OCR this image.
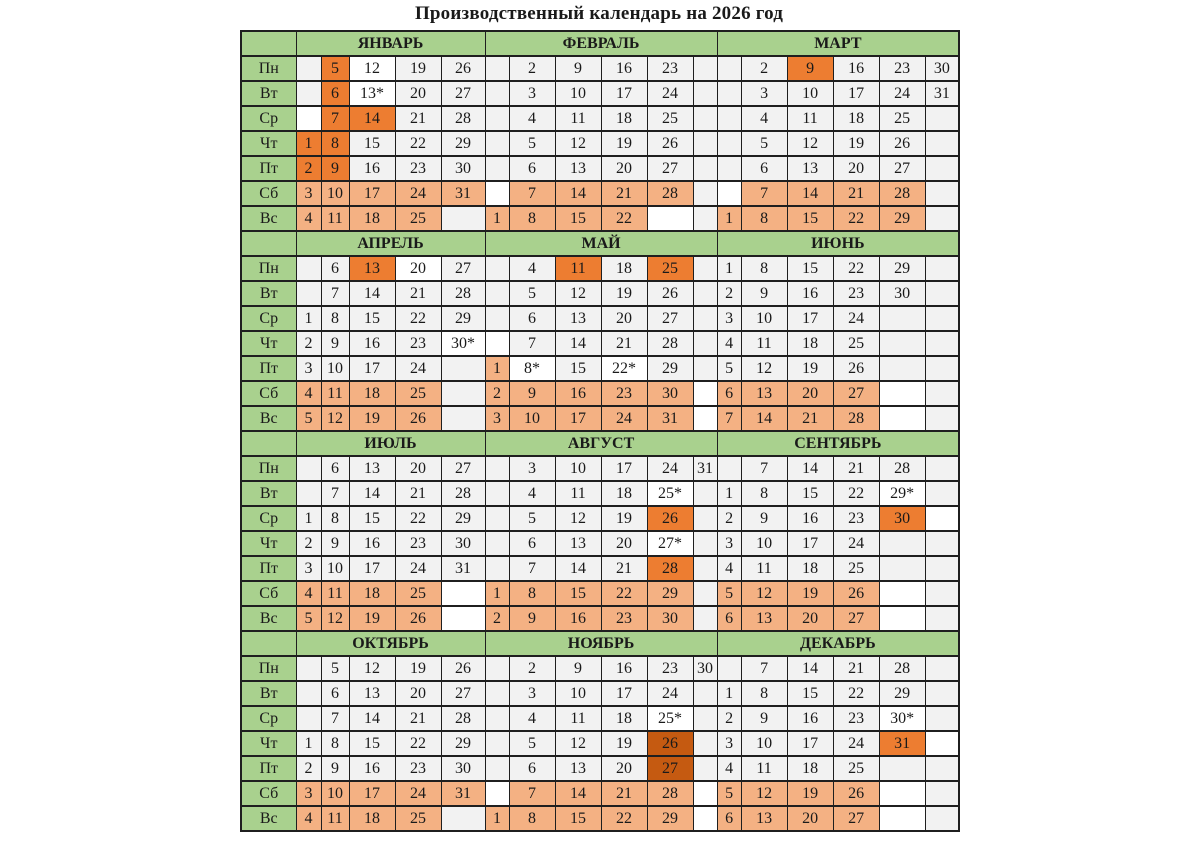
Производственный календарь на 2026 год
	ЯНВАРЬ					ФЕВРАЛЬ						МАРТ					
Пн		5	12	19	26		2	9	16	23			2	9	16	23	30
Вт		6	13*	20	27		3	10	17	24			3	10	17	24	31
Ср		7	14	21	28		4	11	18	25			4	11	18	25	
Чт	1	8	15	22	29		5	12	19	26			5	12	19	26	
Пт	2	9	16	23	30		6	13	20	27			6	13	20	27	
Сб	3	10	17	24	31		7	14	21	28			7	14	21	28	
Вс	4	11	18	25		1	8	15	22			1	8	15	22	29	
	АПРЕЛЬ					МАЙ						ИЮНЬ					
Пн		6	13	20	27		4	11	18	25		1	8	15	22	29	
Вт		7	14	21	28		5	12	19	26		2	9	16	23	30	
Ср	1	8	15	22	29		6	13	20	27		3	10	17	24		
Чт	2	9	16	23	30*		7	14	21	28		4	11	18	25		
Пт	3	10	17	24		1	8*	15	22*	29		5	12	19	26		
Сб	4	11	18	25		2	9	16	23	30		6	13	20	27		
Вс	5	12	19	26		3	10	17	24	31		7	14	21	28		
	ИЮЛЬ					АВГУСТ						СЕНТЯБРЬ					
Пн		6	13	20	27		3	10	17	24	31		7	14	21	28	
Вт		7	14	21	28		4	11	18	25*		1	8	15	22	29*	
Ср	1	8	15	22	29		5	12	19	26		2	9	16	23	30	
Чт	2	9	16	23	30		6	13	20	27*		3	10	17	24		
Пт	3	10	17	24	31		7	14	21	28		4	11	18	25		
Сб	4	11	18	25		1	8	15	22	29		5	12	19	26		
Вс	5	12	19	26		2	9	16	23	30		6	13	20	27		
	ОКТЯБРЬ					НОЯБРЬ						ДЕКАБРЬ					
Пн		5	12	19	26		2	9	16	23	30		7	14	21	28	
Вт		6	13	20	27		3	10	17	24		1	8	15	22	29	
Ср		7	14	21	28		4	11	18	25*		2	9	16	23	30*	
Чт	1	8	15	22	29		5	12	19	26		3	10	17	24	31	
Пт	2	9	16	23	30		6	13	20	27		4	11	18	25		
Сб	3	10	17	24	31		7	14	21	28		5	12	19	26		
Вс	4	11	18	25		1	8	15	22	29		6	13	20	27		
